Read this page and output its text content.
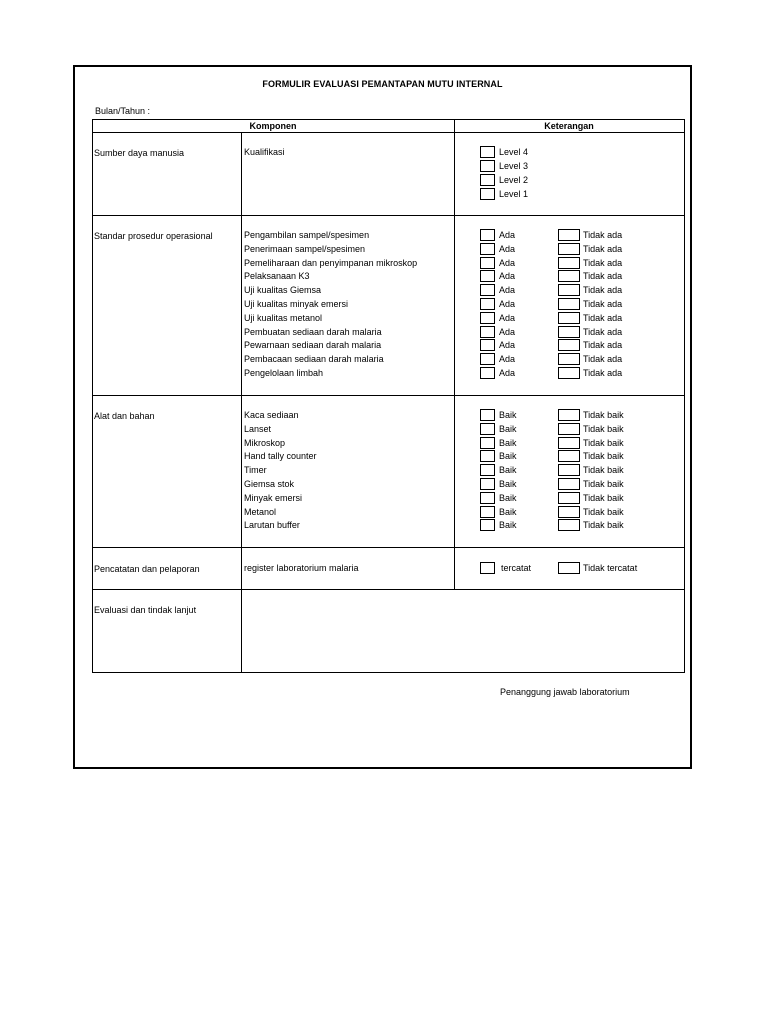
FORMULIR EVALUASI PEMANTAPAN MUTU INTERNAL
Bulan/Tahun :
Komponen	Keterangan
Sumber daya manusia	Kualifikasi	Level 4
Level 3
Level 2
Level 1
Standar prosedur operasional	Pengambilan sampel/spesimen	Ada	Tidak ada
Penerimaan sampel/spesimen	Ada	Tidak ada
Pemeliharaan dan penyimpanan mikroskop	Ada	Tidak ada
Pelaksanaan K3	Ada	Tidak ada
Uji kualitas Giemsa	Ada	Tidak ada
Uji kualitas minyak emersi	Ada	Tidak ada
Uji kualitas metanol	Ada	Tidak ada
Pembuatan sediaan darah malaria	Ada	Tidak ada
Pewarnaan sediaan darah malaria	Ada	Tidak ada
Pembacaan sediaan darah malaria	Ada	Tidak ada
Pengelolaan limbah	Ada	Tidak ada
Alat dan bahan	Kaca sediaan	Baik	Tidak baik
Lanset	Baik	Tidak baik
Mikroskop	Baik	Tidak baik
Hand tally counter	Baik	Tidak baik
Timer	Baik	Tidak baik
Giemsa stok	Baik	Tidak baik
Minyak emersi	Baik	Tidak baik
Metanol	Baik	Tidak baik
Larutan buffer	Baik	Tidak baik
Pencatatan dan pelaporan	register laboratorium malaria	tercatat	Tidak tercatat
Evaluasi dan tindak lanjut
Penanggung jawab laboratorium
